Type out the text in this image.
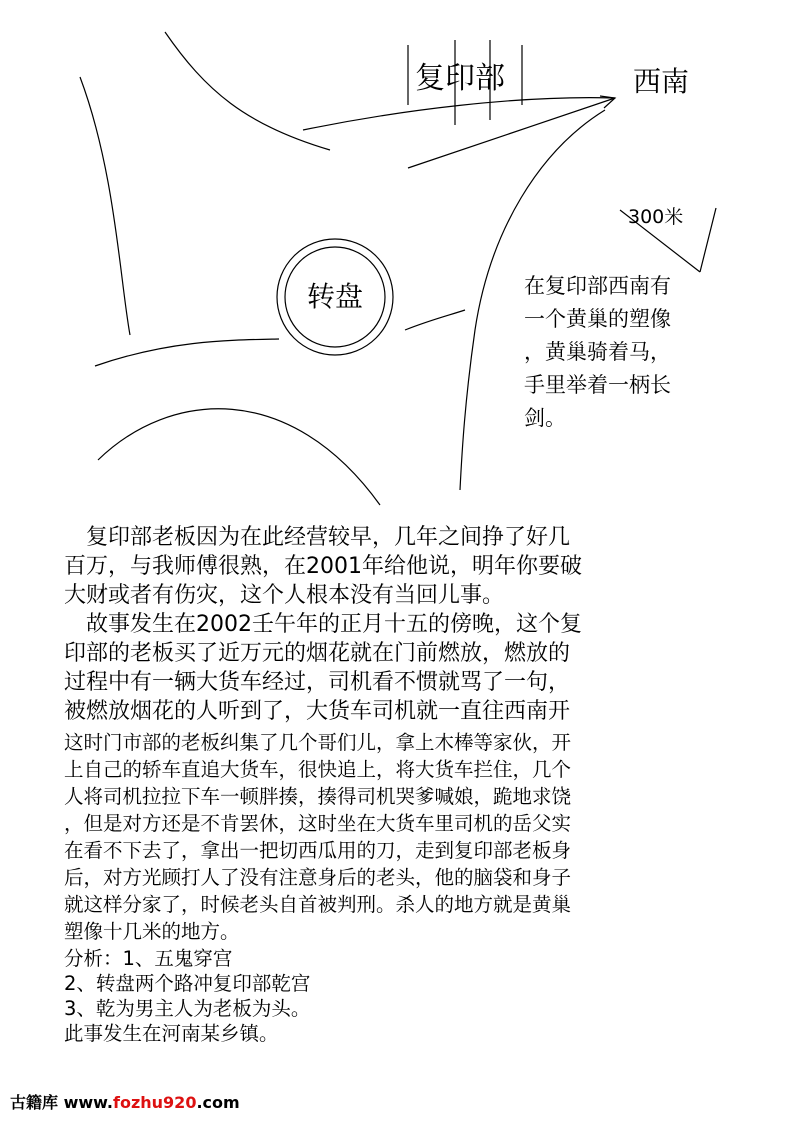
转盘
复印部	西南
300米
在复印部西南有
一个黄巢的塑像
，黄巢骑着马，
手里举着一柄长
剑。
　复印部老板因为在此经营较早，几年之间挣了好几
百万，与我师傅很熟，在2001年给他说，明年你要破
大财或者有伤灾，这个人根本没有当回儿事。
　故事发生在2002壬午年的正月十五的傍晚，这个复
印部的老板买了近万元的烟花就在门前燃放，燃放的
过程中有一辆大货车经过，司机看不惯就骂了一句，
被燃放烟花的人听到了，大货车司机就一直往西南开
这时门市部的老板纠集了几个哥们儿，拿上木棒等家伙，开
上自己的轿车直追大货车，很快追上，将大货车拦住，几个
人将司机拉拉下车一顿胖揍，揍得司机哭爹喊娘，跪地求饶
，但是对方还是不肯罢休，这时坐在大货车里司机的岳父实
在看不下去了，拿出一把切西瓜用的刀，走到复印部老板身
后，对方光顾打人了没有注意身后的老头，他的脑袋和身子
就这样分家了，时候老头自首被判刑。杀人的地方就是黄巢
塑像十几米的地方。
分析：1、五鬼穿宫
2、转盘两个路冲复印部乾宫
3、乾为男主人为老板为头。
此事发生在河南某乡镇。
古籍库 www.fozhu920.com
